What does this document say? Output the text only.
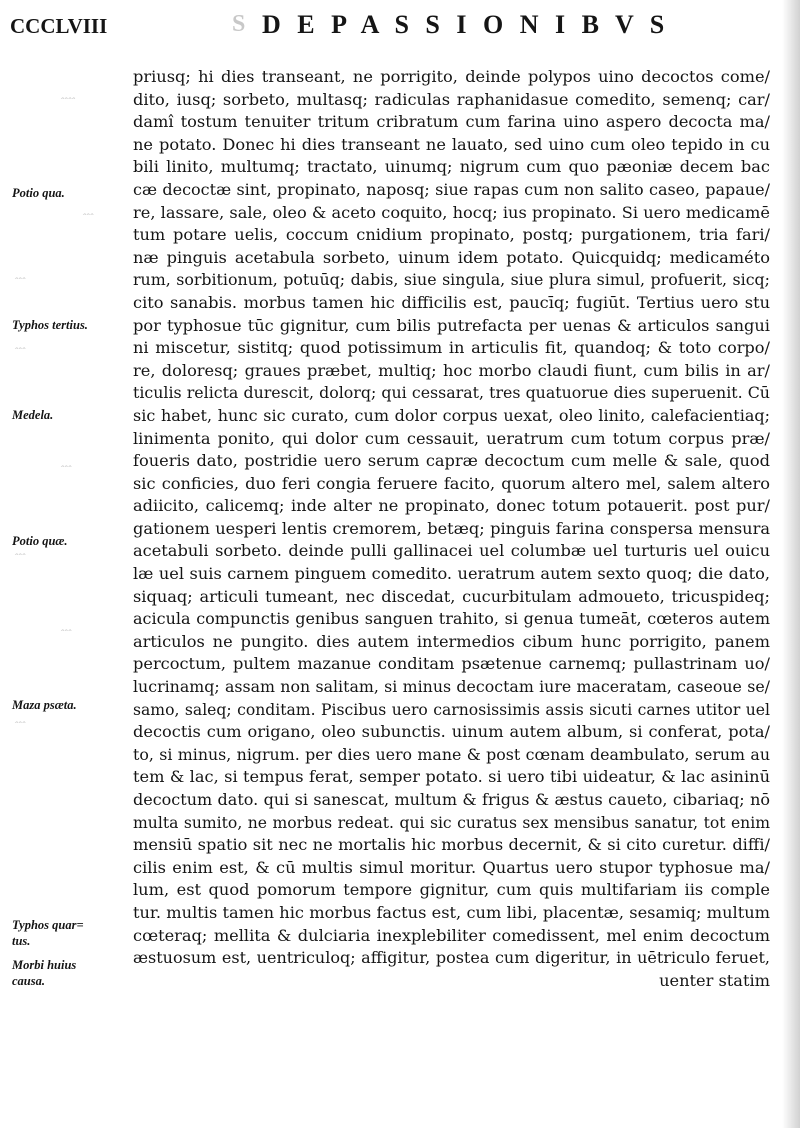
S
CCCLVIII	D E P A S S I O N I B V S
ˆˆˆˆ
ˆˆˆ
ˆˆˆ
ˆˆˆ
ˆˆˆ
ˆˆˆ
ˆˆˆ
ˆˆˆ
Potio qua.
Typhos tertius.
Medela.
Potio quæ.
Maza psæta.
Typhos quar=
tus.
Morbi huius
causa.
priusq; hi dies transeant, ne porrigito, deinde polypos uino decoctos come/
dito, iusq; sorbeto, multasq; radiculas raphanidasue comedito, semenq; car/
damî tostum tenuiter tritum cribratum cum farina uino aspero decocta ma/
ne potato. Donec hi dies transeant ne lauato, sed uino cum oleo tepido in cu
bili linito, multumq; tractato, uinumq; nigrum cum quo pæoniæ decem bac
cæ decoctæ sint, propinato, naposq; siue rapas cum non salito caseo, papaue/
re, lassare, sale, oleo & aceto coquito, hocq; ius propinato. Si uero medicamē
tum potare uelis, coccum cnidium propinato, postq; purgationem, tria fari/
næ pinguis acetabula sorbeto, uinum idem potato. Quicquidq; medicaméto
rum, sorbitionum, potuūq; dabis, siue singula, siue plura simul, profuerit, sicq;
cito sanabis. morbus tamen hic difficilis est, paucīq; fugiūt. Tertius uero stu
por typhosue tūc gignitur, cum bilis putrefacta per uenas & articulos sangui
ni miscetur, sistitq; quod potissimum in articulis fit, quandoq; & toto corpo/
re, doloresq; graues præbet, multiq; hoc morbo claudi fiunt, cum bilis in ar/
ticulis relicta durescit, dolorq; qui cessarat, tres quatuorue dies superuenit. Cū
sic habet, hunc sic curato, cum dolor corpus uexat, oleo linito, calefacientiaq;
linimenta ponito, qui dolor cum cessauit, ueratrum cum totum corpus præ/
foueris dato, postridie uero serum capræ decoctum cum melle & sale, quod
sic conficies, duo feri congia feruere facito, quorum altero mel, salem altero
adiicito, calicemq; inde alter ne propinato, donec totum potauerit. post pur/
gationem uesperi lentis cremorem, betæq; pinguis farina conspersa mensura
acetabuli sorbeto. deinde pulli gallinacei uel columbæ uel turturis uel ouicu
læ uel suis carnem pinguem comedito. ueratrum autem sexto quoq; die dato,
siquaq; articuli tumeant, nec discedat, cucurbitulam admoueto, tricuspideq;
acicula compunctis genibus sanguen trahito, si genua tumeāt, cœteros autem
articulos ne pungito. dies autem intermedios cibum hunc porrigito, panem
percoctum, pultem mazanue conditam psætenue carnemq; pullastrinam uo/
lucrinamq; assam non salitam, si minus decoctam iure maceratam, caseoue se/
samo, saleq; conditam. Piscibus uero carnosissimis assis sicuti carnes utitor uel
decoctis cum origano, oleo subunctis. uinum autem album, si conferat, pota/
to, si minus, nigrum. per dies uero mane & post cœnam deambulato, serum au
tem & lac, si tempus ferat, semper potato. si uero tibi uideatur, & lac asininū
decoctum dato. qui si sanescat, multum & frigus & æstus caueto, cibariaq; nō
multa sumito, ne morbus redeat. qui sic curatus sex mensibus sanatur, tot enim
mensiū spatio sit nec ne mortalis hic morbus decernit, & si cito curetur. diffi/
cilis enim est, & cū multis simul moritur. Quartus uero stupor typhosue ma/
lum, est quod pomorum tempore gignitur, cum quis multifariam iis comple
tur. multis tamen hic morbus factus est, cum libi, placentæ, sesamiq; multum
cœteraq; mellita & dulciaria inexplebiliter comedissent, mel enim decoctum
æstuosum est, uentriculoq; affigitur, postea cum digeritur, in uētriculo feruet,
uenter statim
